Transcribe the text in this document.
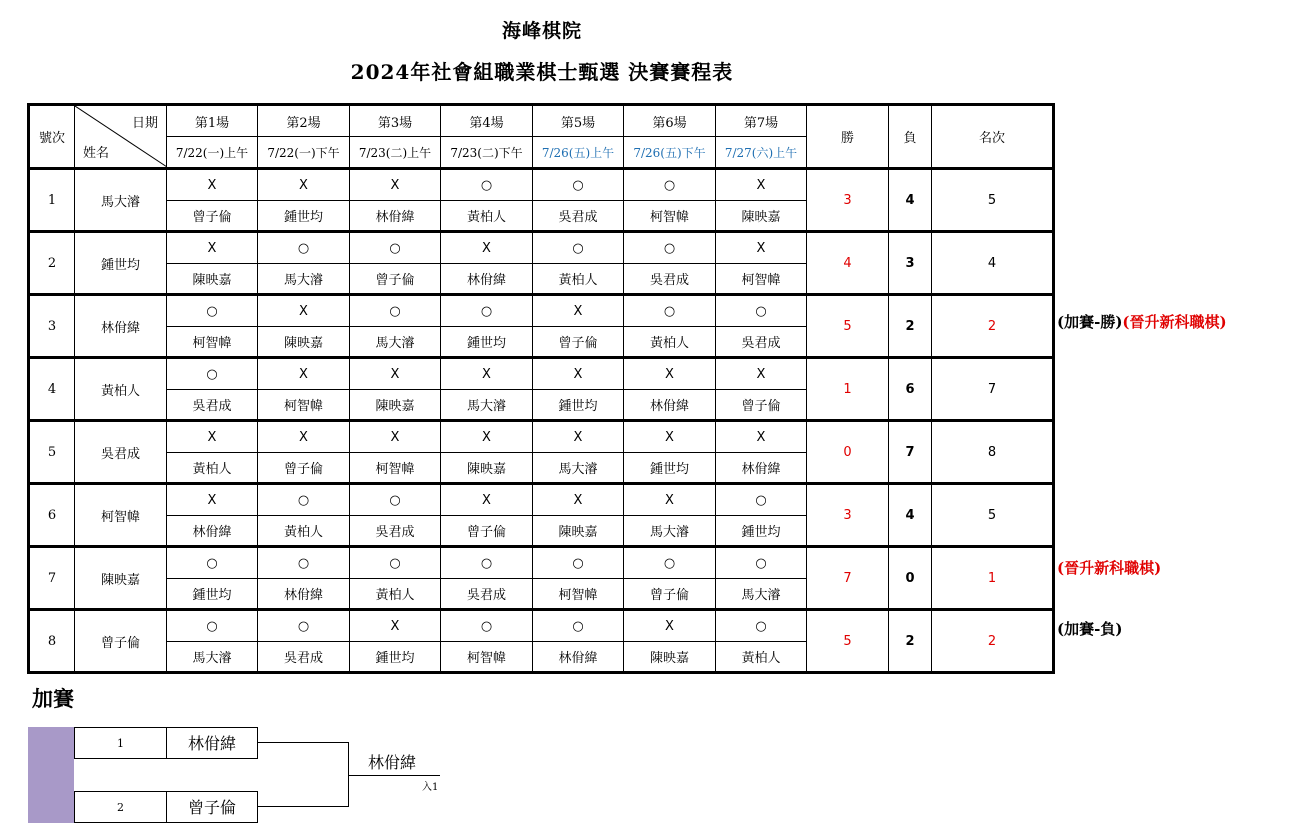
海峰棋院
2024年社會組職業棋士甄選 決賽賽程表
號次	日期
姓名	第1場	第2場	第3場	第4場	第5場	第6場	第7場	勝	負	名次
		7/22(一)上午	7/22(一)下午	7/23(二)上午	7/23(二)下午	7/26(五)上午	7/26(五)下午	7/27(六)上午			
1	馬大濬	X	X	X	○	○	○	X	3	4	5
		曾子倫	鍾世均	林佾緯	黃柏人	吳君成	柯智幃	陳映嘉			
2	鍾世均	X	○	○	X	○	○	X	4	3	4
		陳映嘉	馬大濬	曾子倫	林佾緯	黃柏人	吳君成	柯智幃			
3	林佾緯	○	X	○	○	X	○	○	5	2	2
		柯智幃	陳映嘉	馬大濬	鍾世均	曾子倫	黃柏人	吳君成			
4	黃柏人	○	X	X	X	X	X	X	1	6	7
		吳君成	柯智幃	陳映嘉	馬大濬	鍾世均	林佾緯	曾子倫			
5	吳君成	X	X	X	X	X	X	X	0	7	8
		黃柏人	曾子倫	柯智幃	陳映嘉	馬大濬	鍾世均	林佾緯			
6	柯智幃	X	○	○	X	X	X	○	3	4	5
		林佾緯	黃柏人	吳君成	曾子倫	陳映嘉	馬大濬	鍾世均			
7	陳映嘉	○	○	○	○	○	○	○	7	0	1
		鍾世均	林佾緯	黃柏人	吳君成	柯智幃	曾子倫	馬大濬			
8	曾子倫	○	○	X	○	○	X	○	5	2	2
		馬大濬	吳君成	鍾世均	柯智幃	林佾緯	陳映嘉	黃柏人			
(加賽-勝)(晉升新科職棋)
(晉升新科職棋)
(加賽-負)
加賽
1	林佾緯
2	曾子倫
林佾緯
入1
